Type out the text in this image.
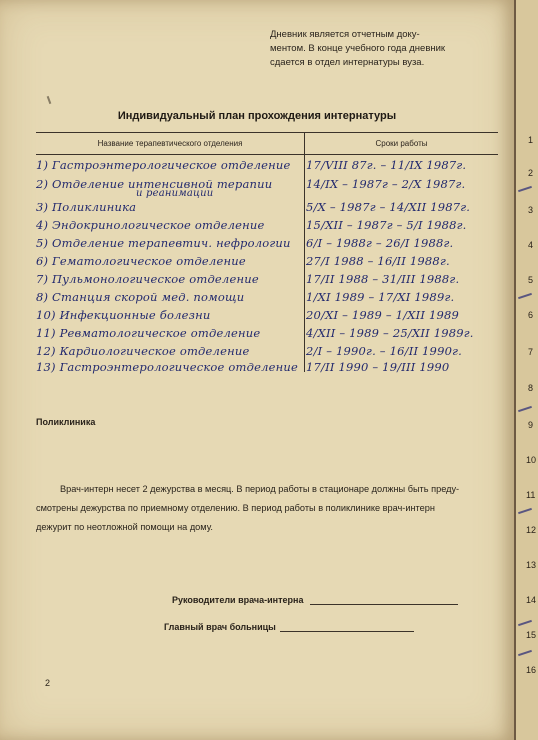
Дневник является отчетным доку-
ментом. В конце учебного года дневник
сдается в отдел интернатуры вуза.
Индивидуальный план прохождения интернатуры
Название терапевтического отделения	Сроки работы
1) Гастроэнтерологическое отделение 17/VIII 87г. – 11/IX 1987г.
2) Отделение интенсивной терапии
и реанимации
14/IX – 1987г – 2/X 1987г.
3) Поликлиника	5/X – 1987г – 14/XII 1987г.
4) Эндокринологическое отделение	15/XII – 1987г – 5/I 1988г.
5) Отделение терапевтич. нефрологии 6/I – 1988г – 26/I 1988г.
6) Гематологическое отделение	27/I 1988 – 16/II 1988г.
7) Пульмонологическое отделение	17/II 1988 – 31/III 1988г.
8) Станция скорой мед. помощи	1/XI 1989 – 17/XI 1989г.
10) Инфекционные болезни	20/XI – 1989 – 1/XII 1989
11) Ревматологическое отделение	4/XII – 1989 – 25/XII 1989г.
12) Кардиологическое отделение	2/I – 1990г. – 16/II 1990г.
13) Гастроэнтерологическое отделение 17/II 1990 – 19/III 1990
Поликлиника
Врач-интерн несет 2 дежурства в месяц. В период работы в стационаре должны быть преду-
смотрены дежурства по приемному отделению. В период работы в поликлинике врач-интерн
дежурит по неотложной помощи на дому.
Руководители врача-интерна
Главный врач больницы
2
1
2
3
4
5
6
7
8
9
10
11
12
13
14
15
16
